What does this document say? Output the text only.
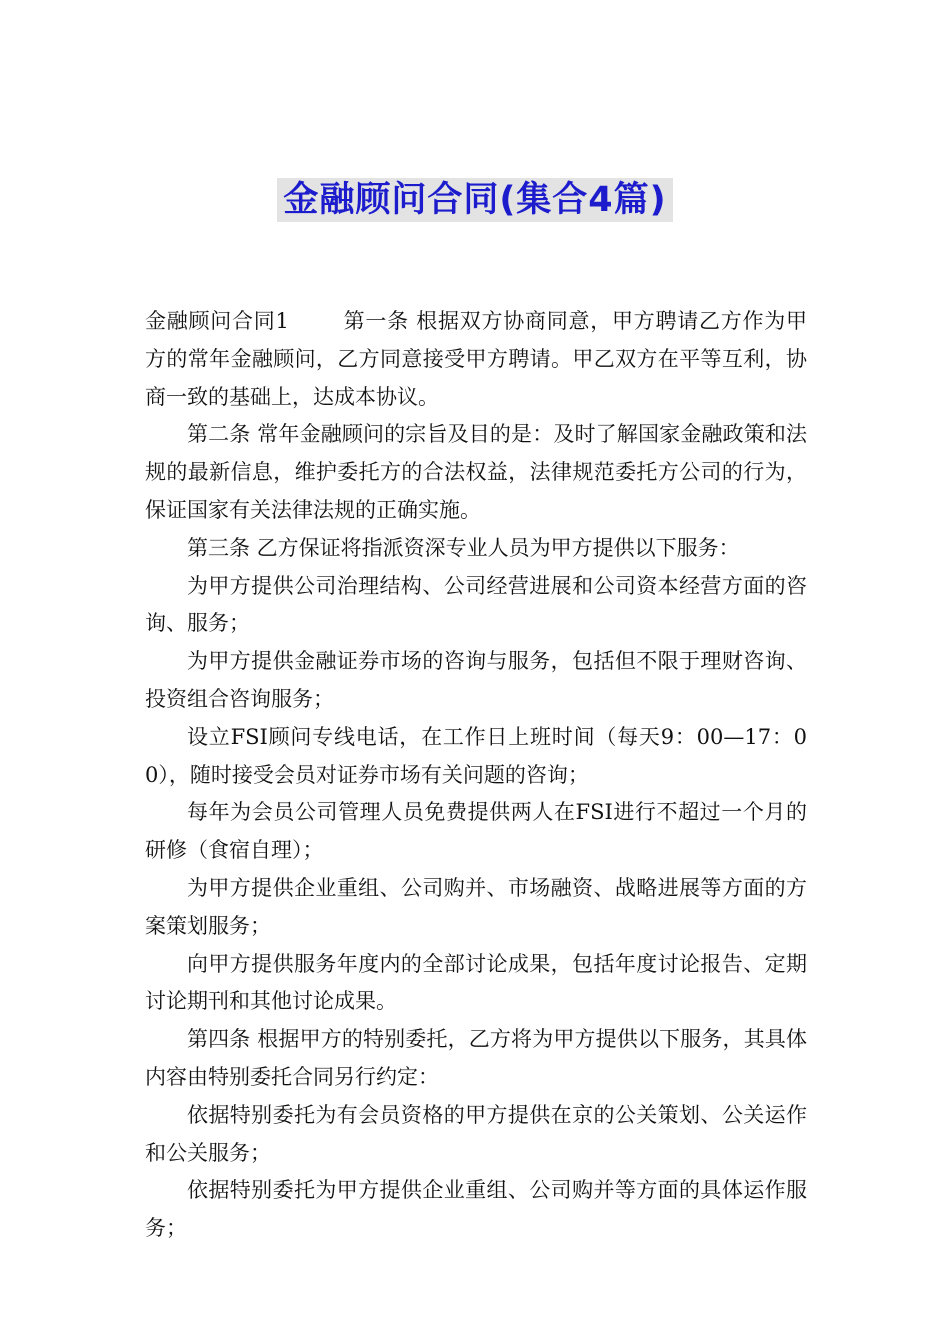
金融顾问合同(集合4篇)

金融顾问合同1	第一条 根据双方协商同意，甲方聘请乙方作为甲方的常年金融顾问，乙方同意接受甲方聘请。甲乙双方在平等互利，协商一致的基础上，达成本协议。

第二条 常年金融顾问的宗旨及目的是：及时了解国家金融政策和法规的最新信息，维护委托方的合法权益，法律规范委托方公司的行为，保证国家有关法律法规的正确实施。

第三条 乙方保证将指派资深专业人员为甲方提供以下服务：

为甲方提供公司治理结构、公司经营进展和公司资本经营方面的咨询、服务；

为甲方提供金融证券市场的咨询与服务，包括但不限于理财咨询、投资组合咨询服务；

设立FSI顾问专线电话，在工作日上班时间（每天9：00—17：00），随时接受会员对证券市场有关问题的咨询；

每年为会员公司管理人员免费提供两人在FSI进行不超过一个月的研修（食宿自理）；

为甲方提供企业重组、公司购并、市场融资、战略进展等方面的方案策划服务；

向甲方提供服务年度内的全部讨论成果，包括年度讨论报告、定期讨论期刊和其他讨论成果。

第四条 根据甲方的特别委托，乙方将为甲方提供以下服务，其具体内容由特别委托合同另行约定：

依据特别委托为有会员资格的甲方提供在京的公关策划、公关运作和公关服务；

依据特别委托为甲方提供企业重组、公司购并等方面的具体运作服务；
